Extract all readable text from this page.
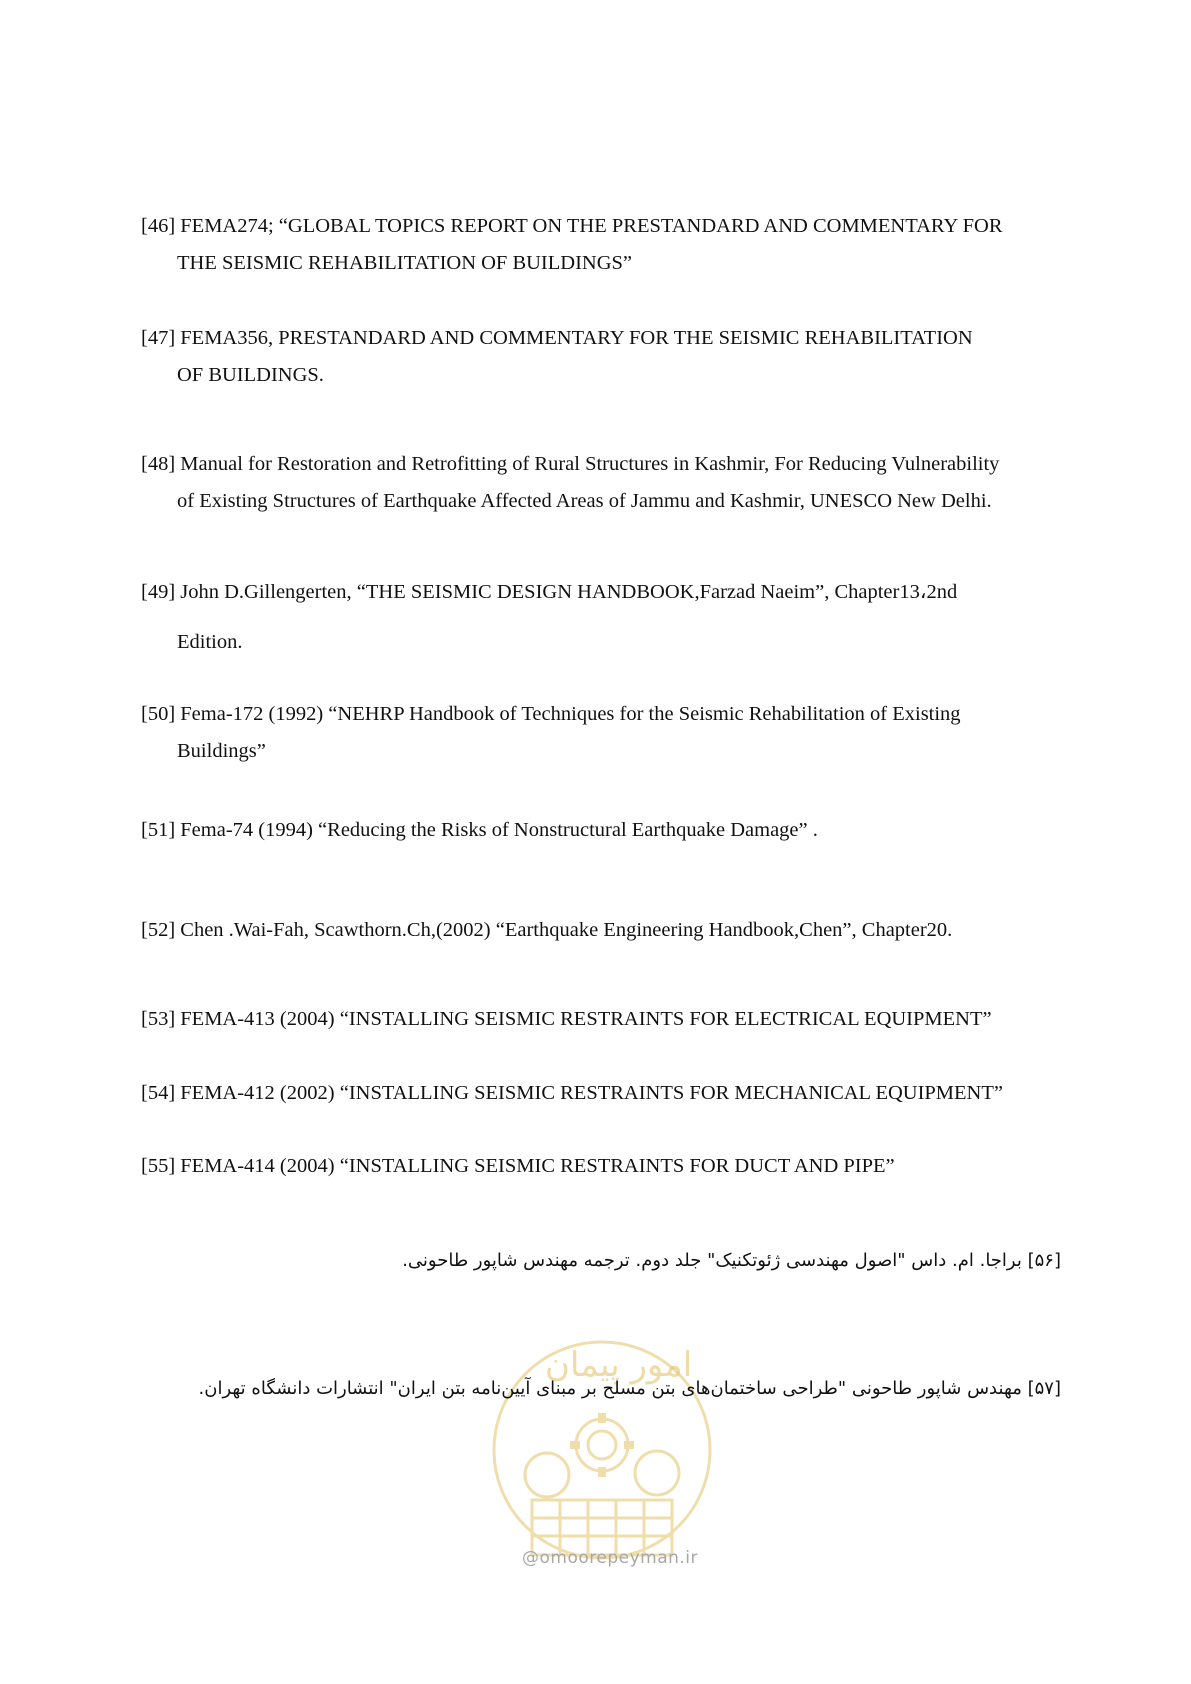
[46] FEMA274; “GLOBAL TOPICS REPORT ON THE PRESTANDARD AND COMMENTARY FOR
THE SEISMIC REHABILITATION OF BUILDINGS”
[47] FEMA356, PRESTANDARD AND COMMENTARY FOR THE SEISMIC REHABILITATION
OF BUILDINGS.
[48] Manual for Restoration and Retrofitting of Rural Structures in Kashmir, For Reducing Vulnerability
of Existing Structures of Earthquake Affected Areas of Jammu and Kashmir, UNESCO New Delhi.
[49] John D.Gillengerten, “THE SEISMIC DESIGN HANDBOOK,Farzad Naeim”, Chapter13،2nd
Edition.
[50] Fema-172 (1992) “NEHRP Handbook of Techniques for the Seismic Rehabilitation of Existing
Buildings”
[51] Fema-74 (1994) “Reducing the Risks of Nonstructural Earthquake Damage” .
[52] Chen .Wai-Fah, Scawthorn.Ch,(2002) “Earthquake Engineering Handbook,Chen”, Chapter20.
[53] FEMA-413 (2004) “INSTALLING SEISMIC RESTRAINTS FOR ELECTRICAL EQUIPMENT”
[54] FEMA-412 (2002) “INSTALLING SEISMIC RESTRAINTS FOR MECHANICAL EQUIPMENT”
[55] FEMA-414 (2004) “INSTALLING SEISMIC RESTRAINTS FOR DUCT AND PIPE”
امور پیمان
@omoorepeyman.ir
[۵۶] براجا. ام. داس "اصول مهندسی ژئوتکنیک" جلد دوم. ترجمه مهندس شاپور طاحونی.
[۵۷] مهندس شاپور طاحونی "طراحی ساختمان‌های بتن مسلح بر مبنای آیین‌نامه بتن ایران" انتشارات دانشگاه تهران.
